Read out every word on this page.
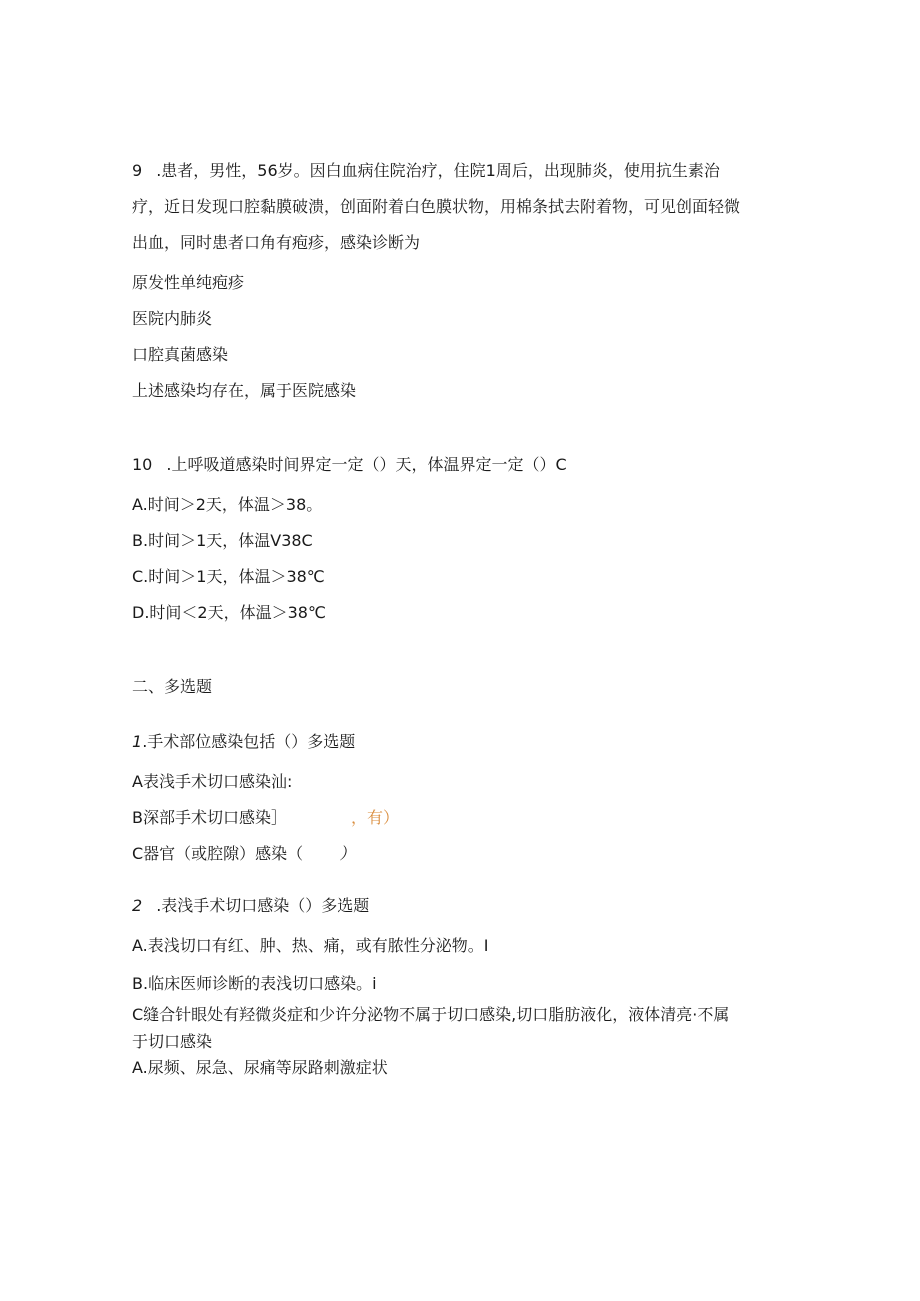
9 .患者，男性，56岁。因白血病住院治疗，住院1周后，出现肺炎，使用抗生素治
疗，近日发现口腔黏膜破溃，创面附着白色膜状物，用棉条拭去附着物，可见创面轻微
出血，同时患者口角有疱疹，感染诊断为
原发性单纯疱疹
医院内肺炎
口腔真菌感染
上述感染均存在，属于医院感染
10 .上呼吸道感染时间界定一定（）天，体温界定一定（）C
A.时间＞2天，体温＞38。
B.时间＞1天，体温V38C
C.时间＞1天，体温＞38℃
D.时间＜2天，体温＞38℃
二、多选题
1.手术部位感染包括（）多选题
A表浅手术切口感染汕:
B深部手术切口感染］	，有）
C器官（或腔隙）感染（ ）
2 .表浅手术切口感染（）多选题
A.表浅切口有红、肿、热、痛，或有脓性分泌物。I
B.临床医师诊断的表浅切口感染。i
C缝合针眼处有羟微炎症和少许分泌物不属于切口感染,切口脂肪液化，液体清亮·不属
于切口感染
A.尿频、尿急、尿痛等尿路刺激症状
